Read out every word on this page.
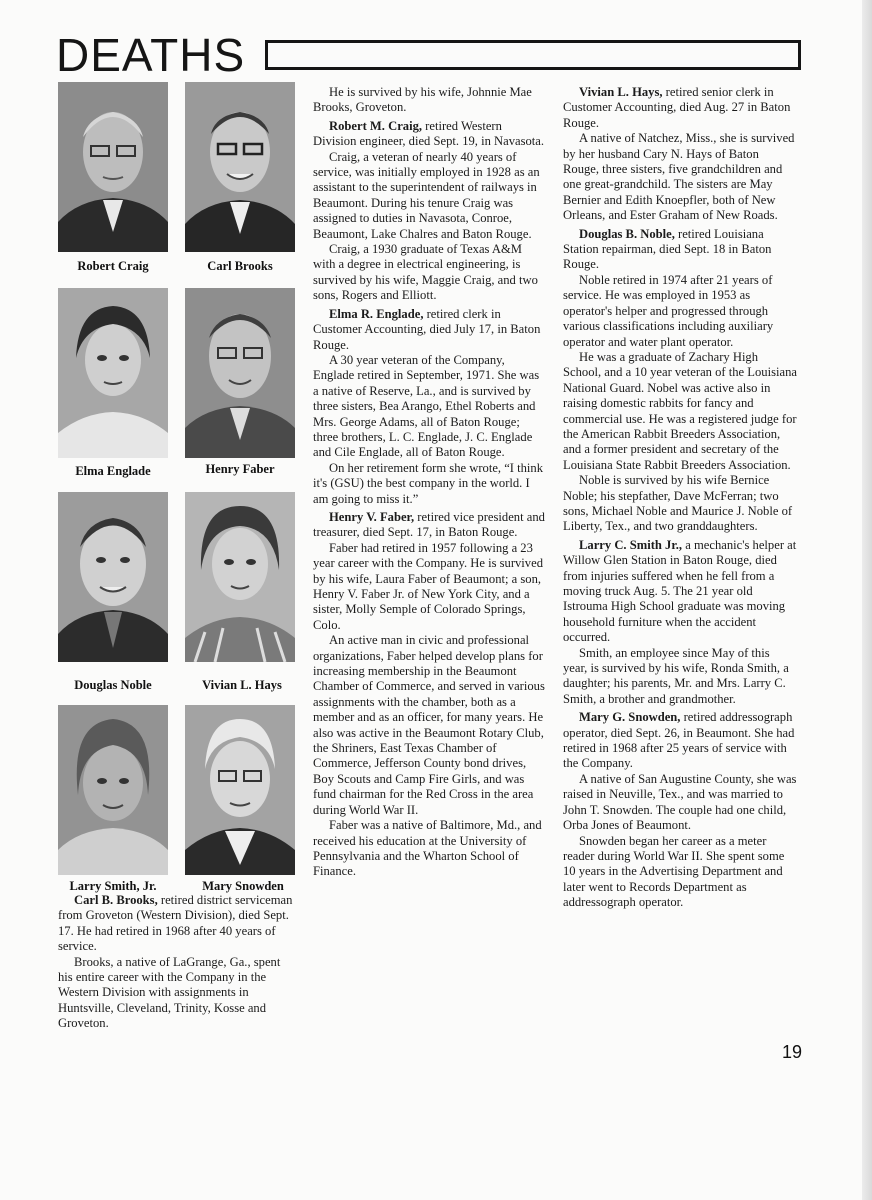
DEATHS
Robert Craig	Carl Brooks
Elma Englade	Henry Faber
Douglas Noble	Vivian L. Hays
Larry Smith, Jr.	Mary Snowden

Carl B. Brooks, retired district serviceman from Groveton (Western Division), died Sept. 17. He had retired in 1968 after 40 years of service.

Brooks, a native of LaGrange, Ga., spent his entire career with the Company in the Western Division with assignments in Huntsville, Cleveland, Trinity, Kosse and Groveton.

He is survived by his wife, Johnnie Mae Brooks, Groveton.

Robert M. Craig, retired Western Division engineer, died Sept. 19, in Navasota.

Craig, a veteran of nearly 40 years of service, was initially employed in 1928 as an assistant to the superintendent of railways in Beaumont. During his tenure Craig was assigned to duties in Navasota, Conroe, Beaumont, Lake Chalres and Baton Rouge.

Craig, a 1930 graduate of Texas A&M with a degree in electrical engineering, is survived by his wife, Maggie Craig, and two sons, Rogers and Elliott.

Elma R. Englade, retired clerk in Customer Accounting, died July 17, in Baton Rouge.

A 30 year veteran of the Company, Englade retired in September, 1971. She was a native of Reserve, La., and is survived by three sisters, Bea Arango, Ethel Roberts and Mrs. George Adams, all of Baton Rouge; three brothers, L. C. Englade, J. C. Englade and Cile Englade, all of Baton Rouge.

On her retirement form she wrote, “I think it's (GSU) the best company in the world. I am going to miss it.”

Henry V. Faber, retired vice president and treasurer, died Sept. 17, in Baton Rouge.

Faber had retired in 1957 following a 23 year career with the Company. He is survived by his wife, Laura Faber of Beaumont; a son, Henry V. Faber Jr. of New York City, and a sister, Molly Semple of Colorado Springs, Colo.

An active man in civic and professional organizations, Faber helped develop plans for increasing membership in the Beaumont Chamber of Commerce, and served in various assignments with the chamber, both as a member and as an officer, for many years. He also was active in the Beaumont Rotary Club, the Shriners, East Texas Chamber of Commerce, Jefferson County bond drives, Boy Scouts and Camp Fire Girls, and was fund chairman for the Red Cross in the area during World War II.

Faber was a native of Baltimore, Md., and received his education at the University of Pennsylvania and the Wharton School of Finance.

Vivian L. Hays, retired senior clerk in Customer Accounting, died Aug. 27 in Baton Rouge.

A native of Natchez, Miss., she is survived by her husband Cary N. Hays of Baton Rouge, three sisters, five grandchildren and one great-grandchild. The sisters are May Bernier and Edith Knoepfler, both of New Orleans, and Ester Graham of New Roads.

Douglas B. Noble, retired Louisiana Station repairman, died Sept. 18 in Baton Rouge.

Noble retired in 1974 after 21 years of service. He was employed in 1953 as operator's helper and progressed through various classifications including auxiliary operator and water plant operator.

He was a graduate of Zachary High School, and a 10 year veteran of the Louisiana National Guard. Nobel was active also in raising domestic rabbits for fancy and commercial use. He was a registered judge for the American Rabbit Breeders Association, and a former president and secretary of the Louisiana State Rabbit Breeders Association.

Noble is survived by his wife Bernice Noble; his stepfather, Dave McFerran; two sons, Michael Noble and Maurice J. Noble of Liberty, Tex., and two granddaughters.

Larry C. Smith Jr., a mechanic's helper at Willow Glen Station in Baton Rouge, died from injuries suffered when he fell from a moving truck Aug. 5. The 21 year old Istrouma High School graduate was moving household furniture when the accident occurred.

Smith, an employee since May of this year, is survived by his wife, Ronda Smith, a daughter; his parents, Mr. and Mrs. Larry C. Smith, a brother and grandmother.

Mary G. Snowden, retired addressograph operator, died Sept. 26, in Beaumont. She had retired in 1968 after 25 years of service with the Company.

A native of San Augustine County, she was raised in Neuville, Tex., and was married to John T. Snowden. The couple had one child, Orba Jones of Beaumont.

Snowden began her career as a meter reader during World War II. She spent some 10 years in the Advertising Department and later went to Records Department as addressograph operator.

19
